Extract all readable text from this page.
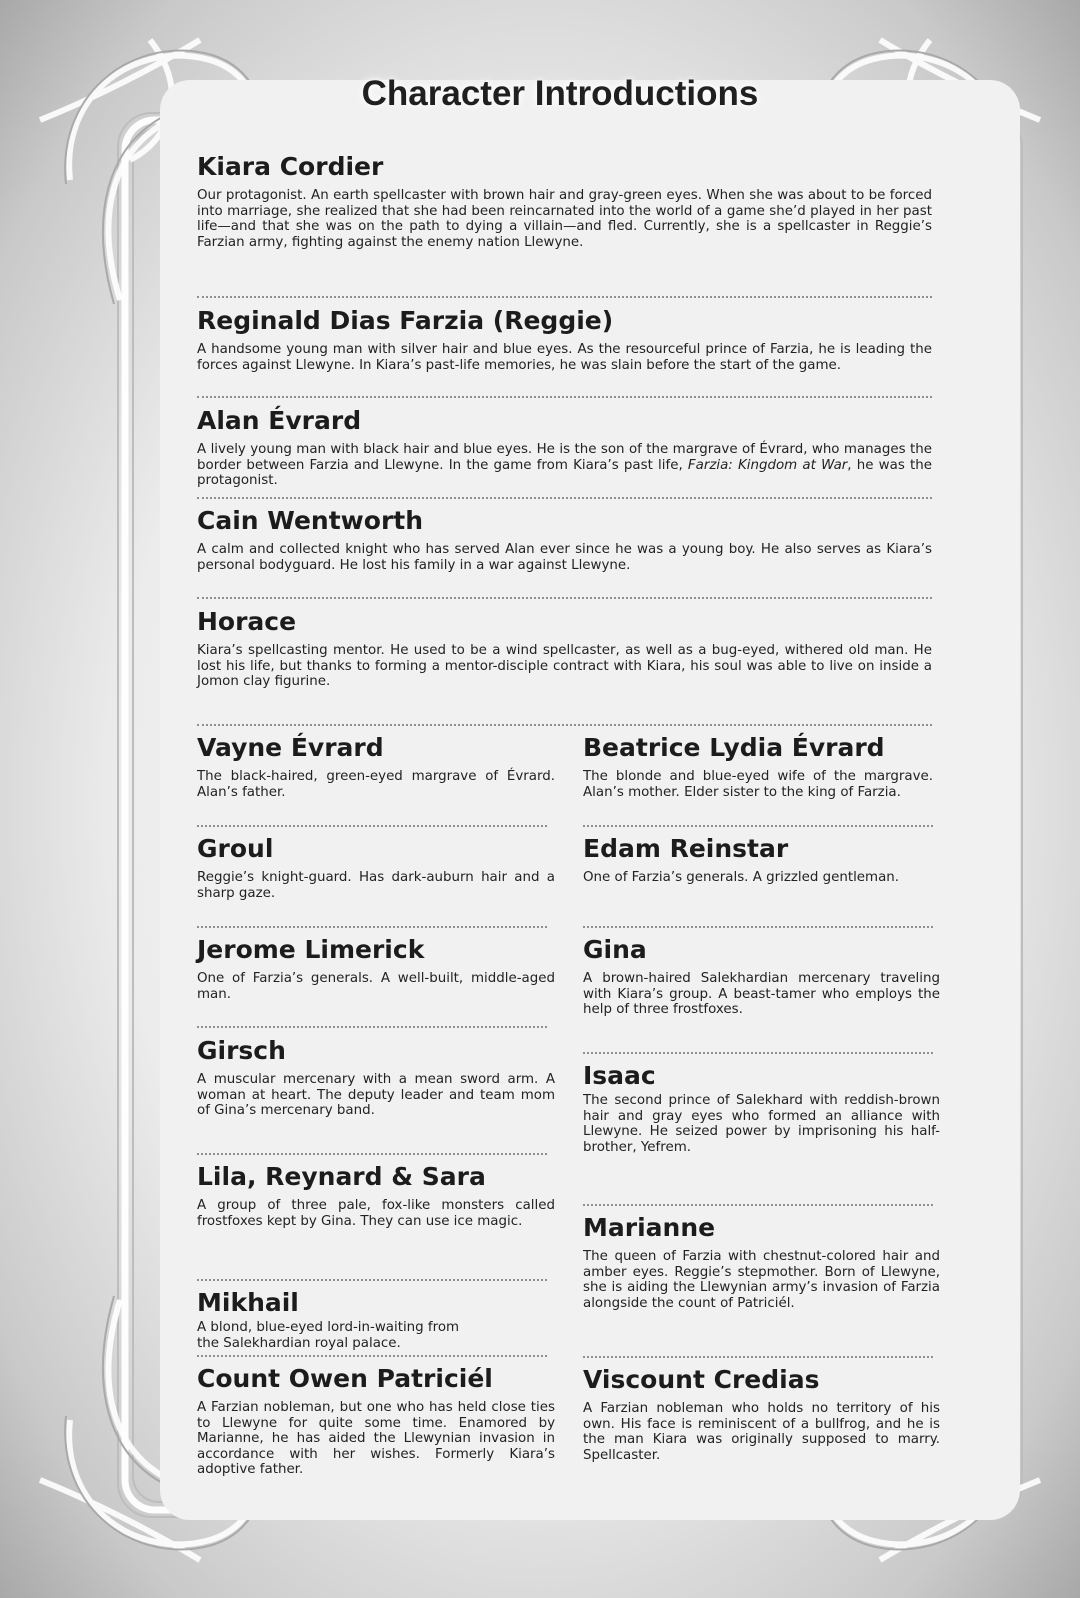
Character Introductions
Kiara Cordier

Our protagonist. An earth spellcaster with brown hair and gray-green eyes. When she was about to be forced into marriage, she realized that she had been reincarnated into the world of a game she’d played in her past life—and that she was on the path to dying a villain—and fled. Currently, she is a spellcaster in Reggie’s Farzian army, fighting against the enemy nation Llewyne.

Reginald Dias Farzia (Reggie)

A handsome young man with silver hair and blue eyes. As the resourceful prince of Farzia, he is leading the forces against Llewyne. In Kiara’s past-life memories, he was slain before the start of the game.

Alan Évrard

A lively young man with black hair and blue eyes. He is the son of the margrave of Évrard, who manages the border between Farzia and Llewyne. In the game from Kiara’s past life, Farzia: Kingdom at War, he was the protagonist.

Cain Wentworth

A calm and collected knight who has served Alan ever since he was a young boy. He also serves as Kiara’s personal bodyguard. He lost his family in a war against Llewyne.

Horace

Kiara’s spellcasting mentor. He used to be a wind spellcaster, as well as a bug-eyed, withered old man. He lost his life, but thanks to forming a mentor-disciple contract with Kiara, his soul was able to live on inside a Jomon clay figurine.

Vayne Évrard

The black-haired, green-eyed margrave of Évrard. Alan’s father.

Groul

Reggie’s knight-guard. Has dark-auburn hair and a sharp gaze.

Jerome Limerick

One of Farzia’s generals. A well-built, middle-aged man.

Girsch

A muscular mercenary with a mean sword arm. A woman at heart. The deputy leader and team mom of Gina’s mercenary band.

Lila, Reynard & Sara

A group of three pale, fox-like monsters called frostfoxes kept by Gina. They can use ice magic.

Mikhail

A blond, blue-eyed lord-in-waiting from the Salekhardian royal palace.

Count Owen Patriciél

A Farzian nobleman, but one who has held close ties to Llewyne for quite some time. Enamored by Marianne, he has aided the Llewynian invasion in accordance with her wishes. Formerly Kiara’s adoptive father.

Beatrice Lydia Évrard

The blonde and blue-eyed wife of the margrave. Alan’s mother. Elder sister to the king of Farzia.

Edam Reinstar

One of Farzia’s generals. A grizzled gentleman.

Gina

A brown-haired Salekhardian mercenary traveling with Kiara’s group. A beast-tamer who employs the help of three frostfoxes.

Isaac

The second prince of Salekhard with reddish-brown hair and gray eyes who formed an alliance with Llewyne. He seized power by imprisoning his half-brother, Yefrem.

Marianne

The queen of Farzia with chestnut-colored hair and amber eyes. Reggie’s stepmother. Born of Llewyne, she is aiding the Llewynian army’s invasion of Farzia alongside the count of Patriciél.

Viscount Credias

A Farzian nobleman who holds no territory of his own. His face is reminiscent of a bullfrog, and he is the man Kiara was originally supposed to marry. Spellcaster.
